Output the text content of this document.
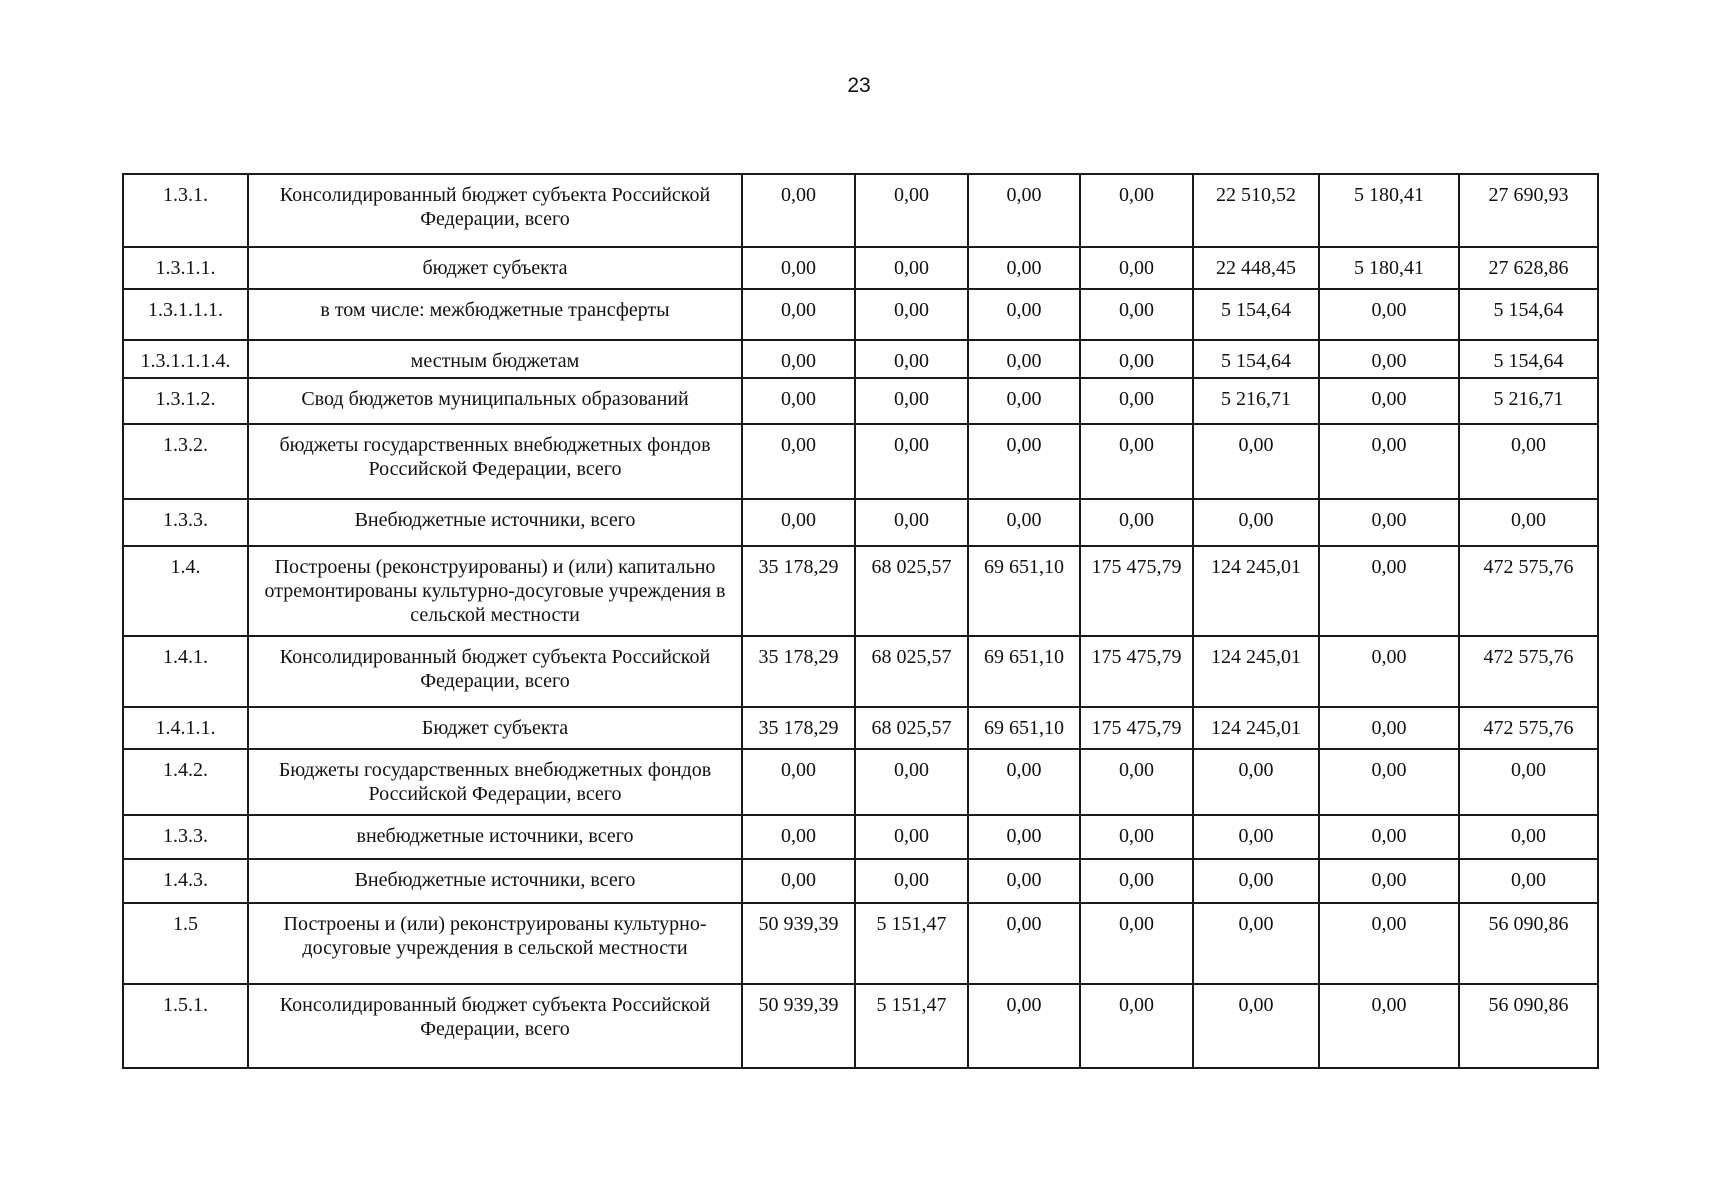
23
1.3.1.	Консолидированный бюджет субъекта Российской Федерации, всего	0,00	0,00	0,00	0,00	22 510,52	5 180,41	27 690,93
1.3.1.1.	бюджет субъекта	0,00	0,00	0,00	0,00	22 448,45	5 180,41	27 628,86
1.3.1.1.1.	в том числе: межбюджетные трансферты	0,00	0,00	0,00	0,00	5 154,64	0,00	5 154,64
1.3.1.1.1.4.	местным бюджетам	0,00	0,00	0,00	0,00	5 154,64	0,00	5 154,64
1.3.1.2.	Свод бюджетов муниципальных образований	0,00	0,00	0,00	0,00	5 216,71	0,00	5 216,71
1.3.2.	бюджеты государственных внебюджетных фондов Российской Федерации, всего	0,00	0,00	0,00	0,00	0,00	0,00	0,00
1.3.3.	Внебюджетные источники, всего	0,00	0,00	0,00	0,00	0,00	0,00	0,00
1.4.	Построены (реконструированы) и (или) капитально отремонтированы культурно-досуговые учреждения в сельской местности	35 178,29	68 025,57	69 651,10	175 475,79	124 245,01	0,00	472 575,76
1.4.1.	Консолидированный бюджет субъекта Российской Федерации, всего	35 178,29	68 025,57	69 651,10	175 475,79	124 245,01	0,00	472 575,76
1.4.1.1.	Бюджет субъекта	35 178,29	68 025,57	69 651,10	175 475,79	124 245,01	0,00	472 575,76
1.4.2.	Бюджеты государственных внебюджетных фондов Российской Федерации, всего	0,00	0,00	0,00	0,00	0,00	0,00	0,00
1.3.3.	внебюджетные источники, всего	0,00	0,00	0,00	0,00	0,00	0,00	0,00
1.4.3.	Внебюджетные источники, всего	0,00	0,00	0,00	0,00	0,00	0,00	0,00
1.5	Построены и (или) реконструированы культурно-досуговые учреждения в сельской местности	50 939,39	5 151,47	0,00	0,00	0,00	0,00	56 090,86
1.5.1.	Консолидированный бюджет субъекта Российской Федерации, всего	50 939,39	5 151,47	0,00	0,00	0,00	0,00	56 090,86
